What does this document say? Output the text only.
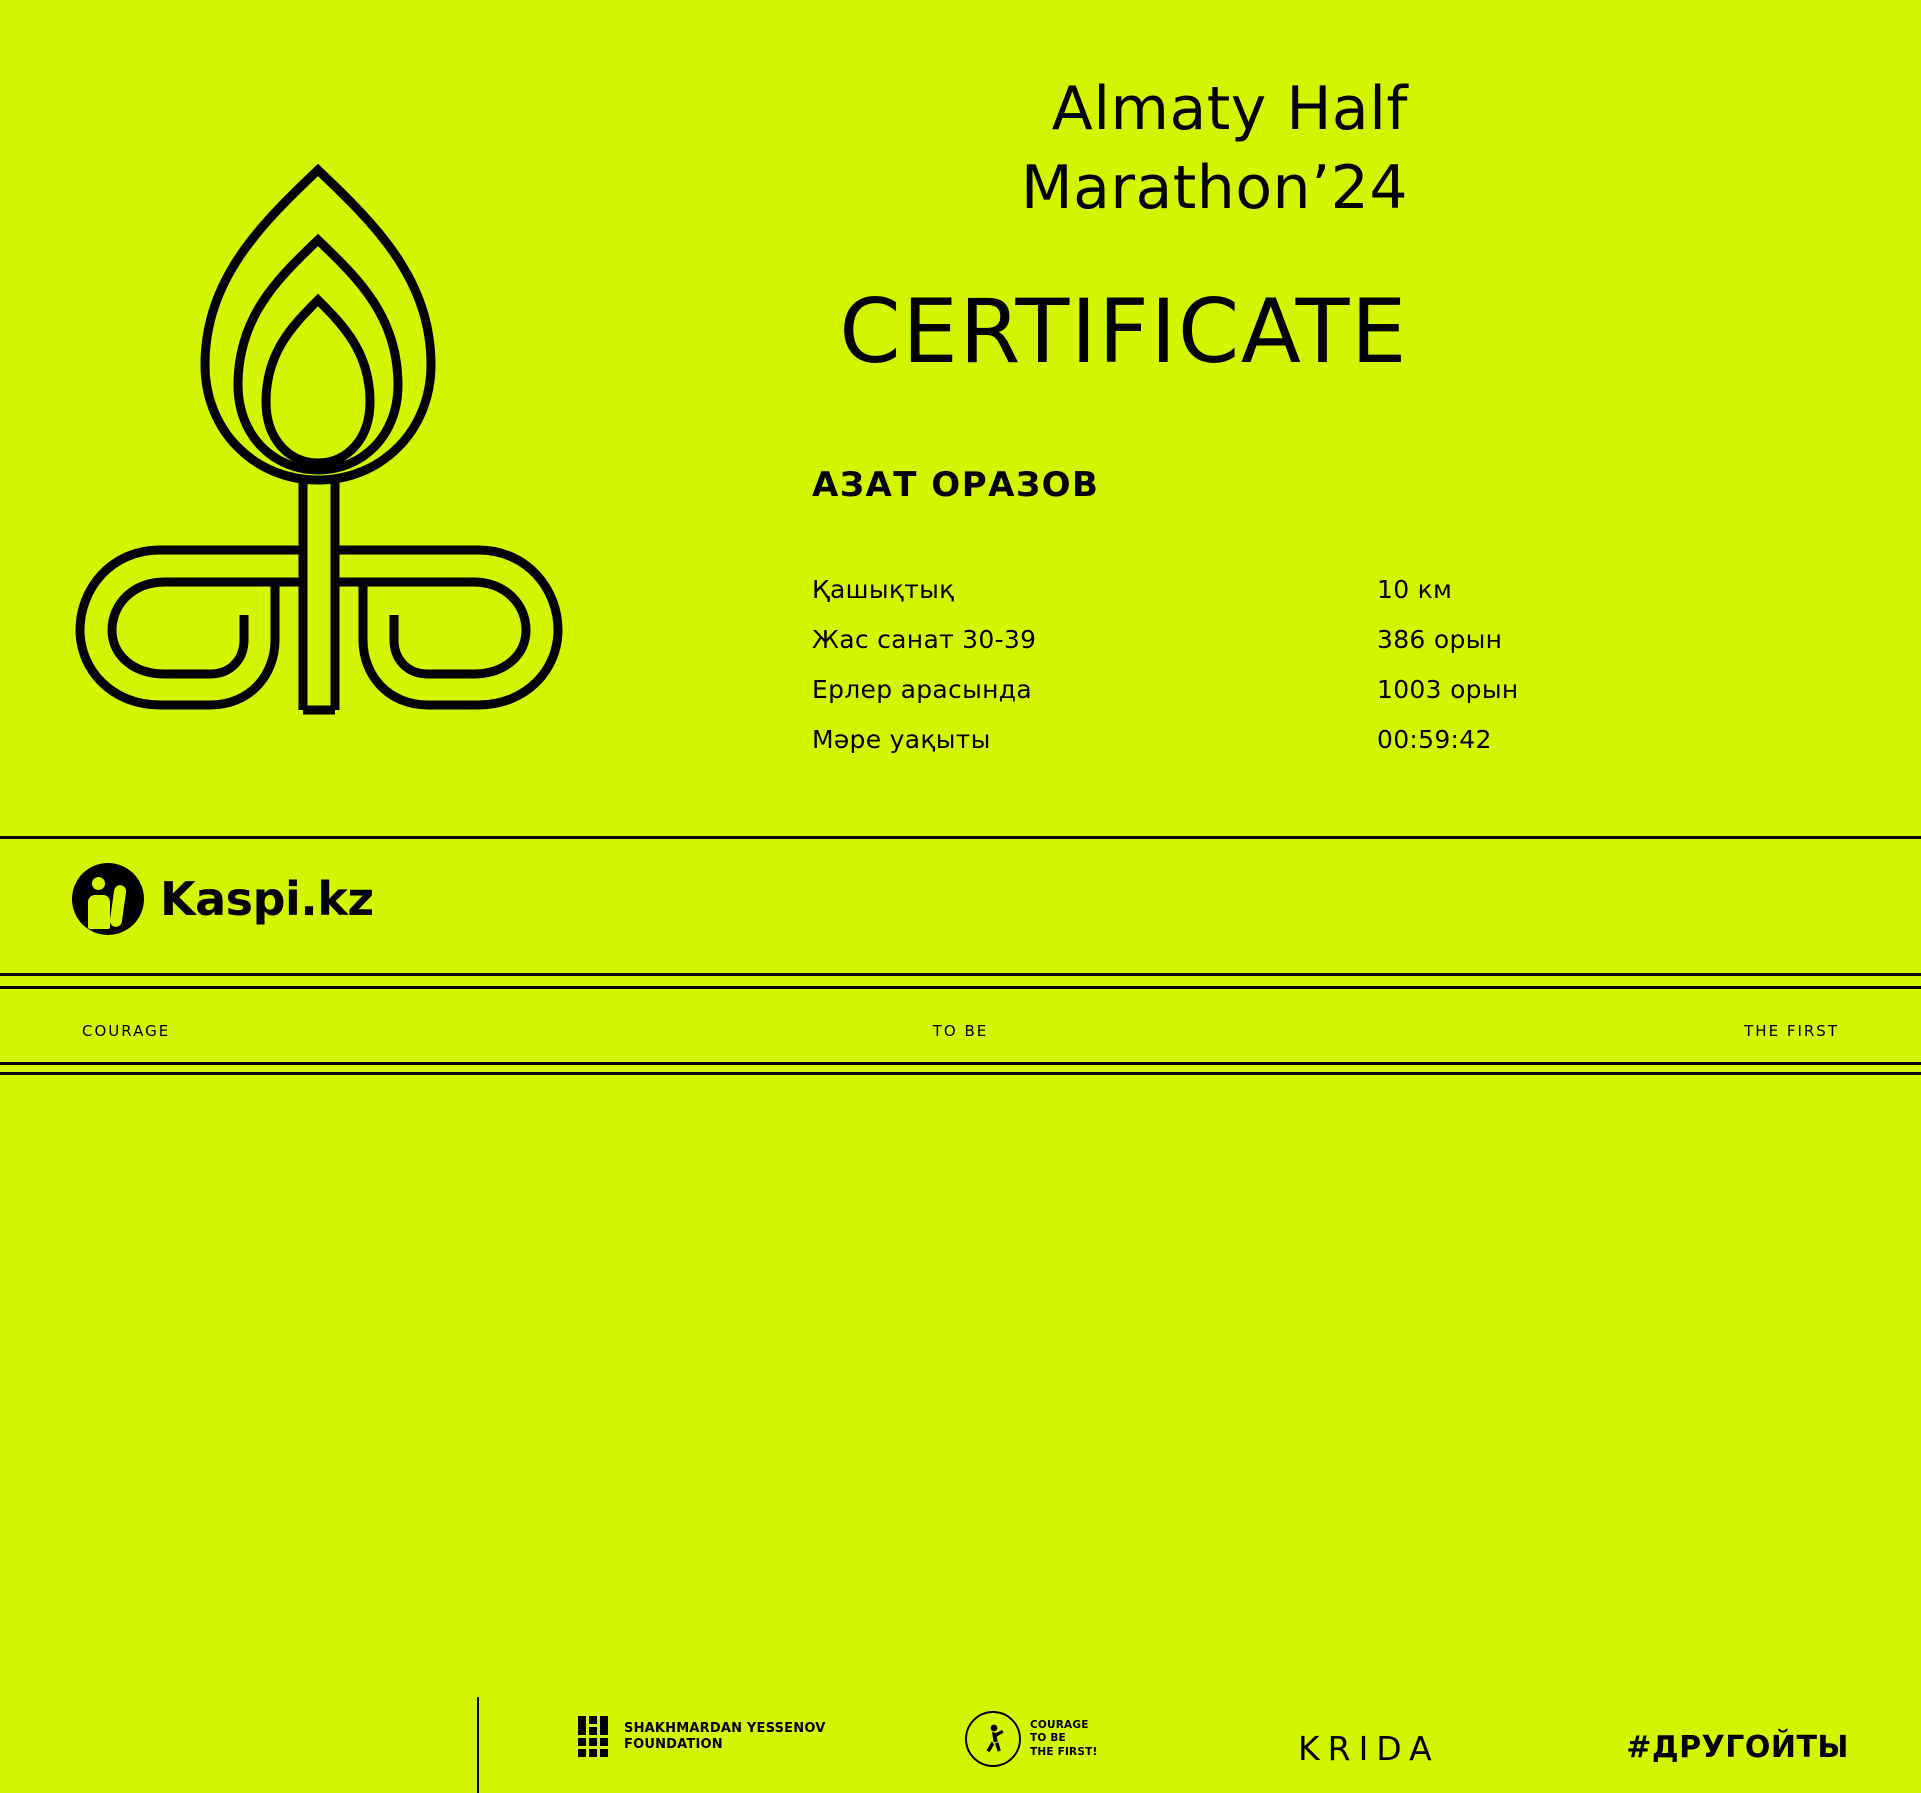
Almaty Half
Marathon’24
CERTIFICATE
АЗАТ ОРАЗОВ
Қашықтық	10 км
Жас санат 30-39	386 орын
Ерлер арасында	1003 орын
Мәре уақыты	00:59:42
Kaspi.kz
SHAKHMARDAN YESSENOV
FOUNDATION
COURAGE
TO BE
THE FIRST!	KRIDA	#ДРУГОЙТЫ
COURAGE	TO BE	THE FIRST
